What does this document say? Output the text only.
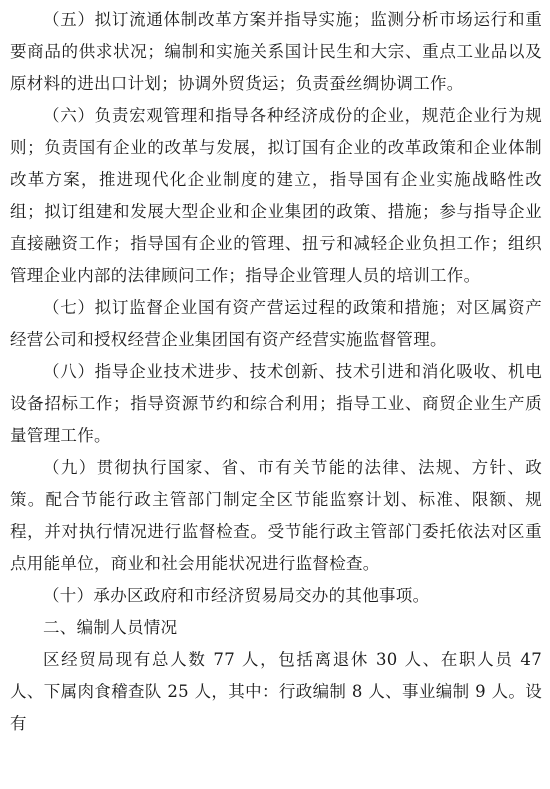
（五）拟订流通体制改革方案并指导实施；监测分析市场运行和重要商品的供求状况；编制和实施关系国计民生和大宗、重点工业品以及原材料的进出口计划；协调外贸货运；负责蚕丝绸协调工作。

（六）负责宏观管理和指导各种经济成份的企业，规范企业行为规则；负责国有企业的改革与发展，拟订国有企业的改革政策和企业体制改革方案，推进现代化企业制度的建立，指导国有企业实施战略性改组；拟订组建和发展大型企业和企业集团的政策、措施；参与指导企业直接融资工作；指导国有企业的管理、扭亏和减轻企业负担工作；组织管理企业内部的法律顾问工作；指导企业管理人员的培训工作。

（七）拟订监督企业国有资产营运过程的政策和措施；对区属资产经营公司和授权经营企业集团国有资产经营实施监督管理。

（八）指导企业技术进步、技术创新、技术引进和消化吸收、机电设备招标工作；指导资源节约和综合利用；指导工业、商贸企业生产质量管理工作。

（九）贯彻执行国家、省、市有关节能的法律、法规、方针、政策。配合节能行政主管部门制定全区节能监察计划、标准、限额、规程，并对执行情况进行监督检查。受节能行政主管部门委托依法对区重点用能单位，商业和社会用能状况进行监督检查。

（十）承办区政府和市经济贸易局交办的其他事项。

二、编制人员情况

区经贸局现有总人数 77 人，包括离退休 30 人、在职人员 47 人、下属肉食稽查队 25 人，其中：行政编制 8 人、事业编制 9 人。设有
